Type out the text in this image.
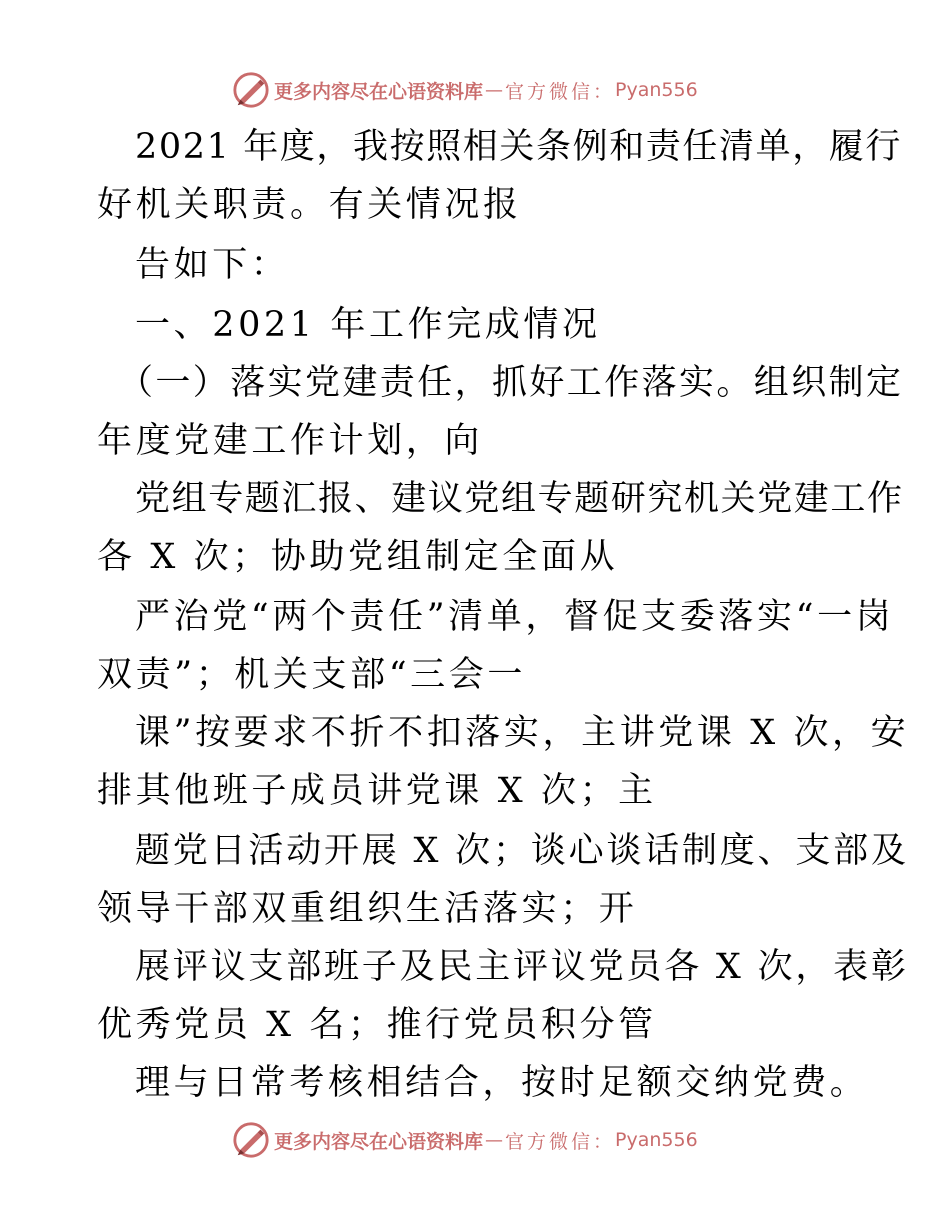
更多内容尽在心语资料库 — 官方微信： Pyan556
2021 年度，我按照相关条例和责任清单，履行
好机关职责。有关情况报
告如下：
一、2021 年工作完成情况
（一）落实党建责任，抓好工作落实。组织制定
年度党建工作计划，向
党组专题汇报、建议党组专题研究机关党建工作
各 X 次；协助党组制定全面从
严治党“两个责任”清单，督促支委落实“一岗
双责”；机关支部“三会一
课”按要求不折不扣落实，主讲党课 X 次，安
排其他班子成员讲党课 X 次；主
题党日活动开展 X 次；谈心谈话制度、支部及
领导干部双重组织生活落实；开
展评议支部班子及民主评议党员各 X 次，表彰
优秀党员 X 名；推行党员积分管
理与日常考核相结合，按时足额交纳党费。
更多内容尽在心语资料库 — 官方微信： Pyan556
